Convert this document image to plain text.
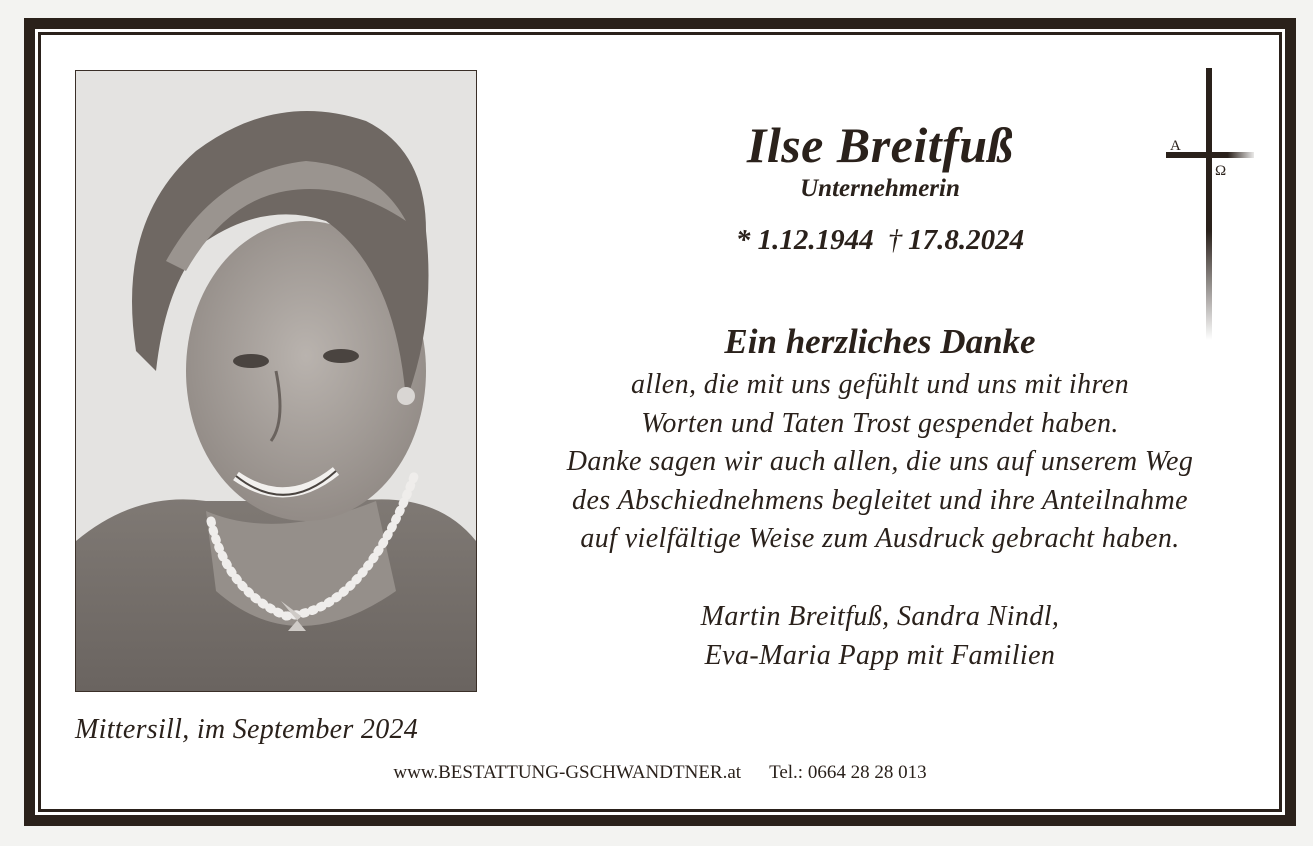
A
Ω
Ilse Breitfuß
Unternehmerin
* 1.12.1944 † 17.8.2024
Ein herzliches Danke
allen, die mit uns gefühlt und uns mit ihren
Worten und Taten Trost gespendet haben.
Danke sagen wir auch allen, die uns auf unserem Weg
des Abschiednehmens begleitet und ihre Anteilnahme
auf vielfältige Weise zum Ausdruck gebracht haben.
Martin Breitfuß, Sandra Nindl,
Eva-Maria Papp mit Familien
Mittersill, im September 2024
www.BESTATTUNG-GSCHWANDTNER.at Tel.: 0664 28 28 013
